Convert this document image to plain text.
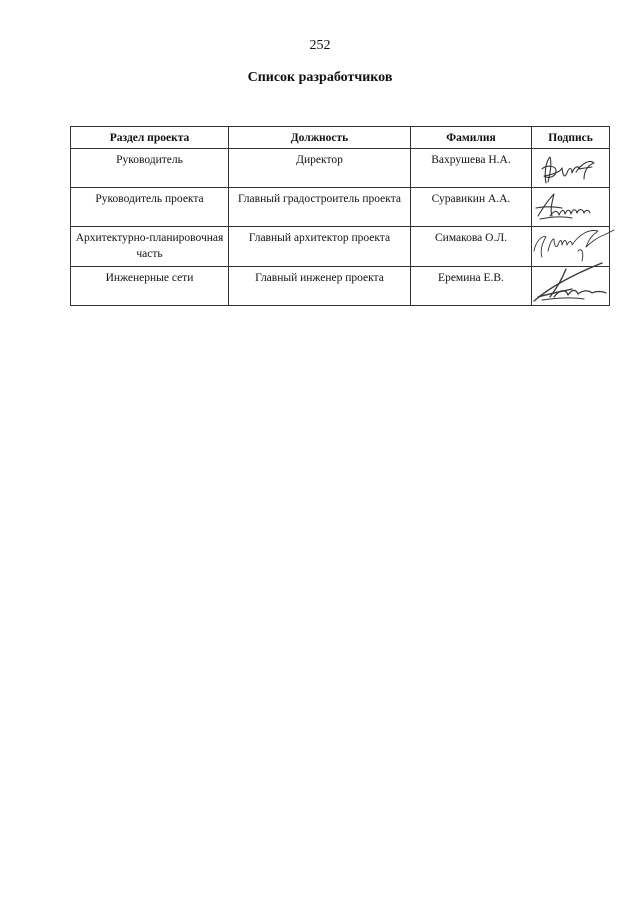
252
Список разработчиков
Раздел проекта	Должность	Фамилия	Подпись
Руководитель	Директор	Вахрушева Н.А.	

Руководитель проекта	Главный градостроитель проекта	Суравикин А.А.	

Архитектурно-планировочная часть	Главный архитектор проекта	Симакова О.Л.	

Инженерные сети	Главный инженер проекта	Еремина Е.В.	
